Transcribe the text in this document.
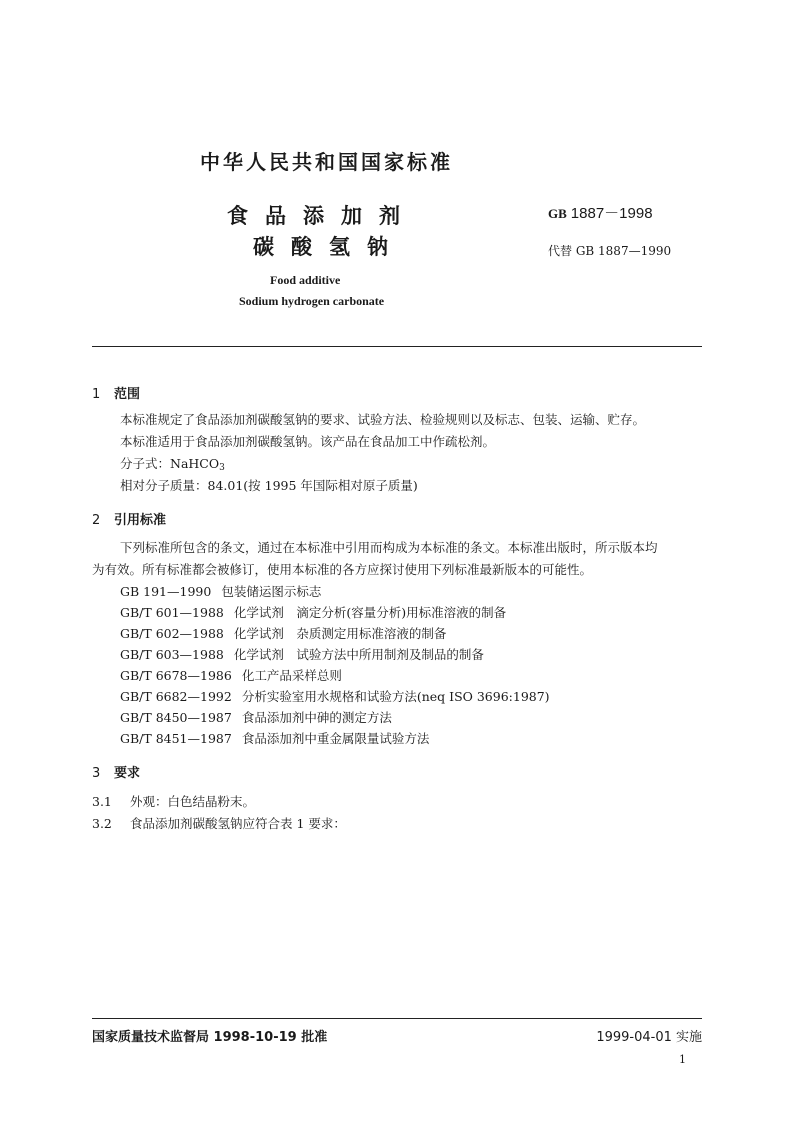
中华人民共和国国家标准
食品添加剂
碳酸氢钠
GB 1887－1998
代替 GB 1887—1990
Food additive
Sodium hydrogen carbonate
1 范围
本标准规定了食品添加剂碳酸氢钠的要求、试验方法、检验规则以及标志、包装、运输、贮存。
本标准适用于食品添加剂碳酸氢钠。该产品在食品加工中作疏松剂。
分子式：NaHCO$_3$
相对分子质量：84.01(按 1995 年国际相对原子质量)
2 引用标准
下列标准所包含的条文，通过在本标准中引用而构成为本标准的条文。本标准出版时，所示版本均
为有效。所有标准都会被修订，使用本标准的各方应探讨使用下列标准最新版本的可能性。
GB 191—1990 包装储运图示标志
GB/T 601—1988 化学试剂　滴定分析(容量分析)用标准溶液的制备
GB/T 602—1988 化学试剂　杂质测定用标准溶液的制备
GB/T 603—1988 化学试剂　试验方法中所用制剂及制品的制备
GB/T 6678—1986 化工产品采样总则
GB/T 6682—1992 分析实验室用水规格和试验方法(neq ISO 3696:1987)
GB/T 8450—1987 食品添加剂中砷的测定方法
GB/T 8451—1987 食品添加剂中重金属限量试验方法
3 要求
3.1 外观：白色结晶粉末。
3.2 食品添加剂碳酸氢钠应符合表 1 要求：
国家质量技术监督局 1998-10-19 批准	1999-04-01 实施
1
